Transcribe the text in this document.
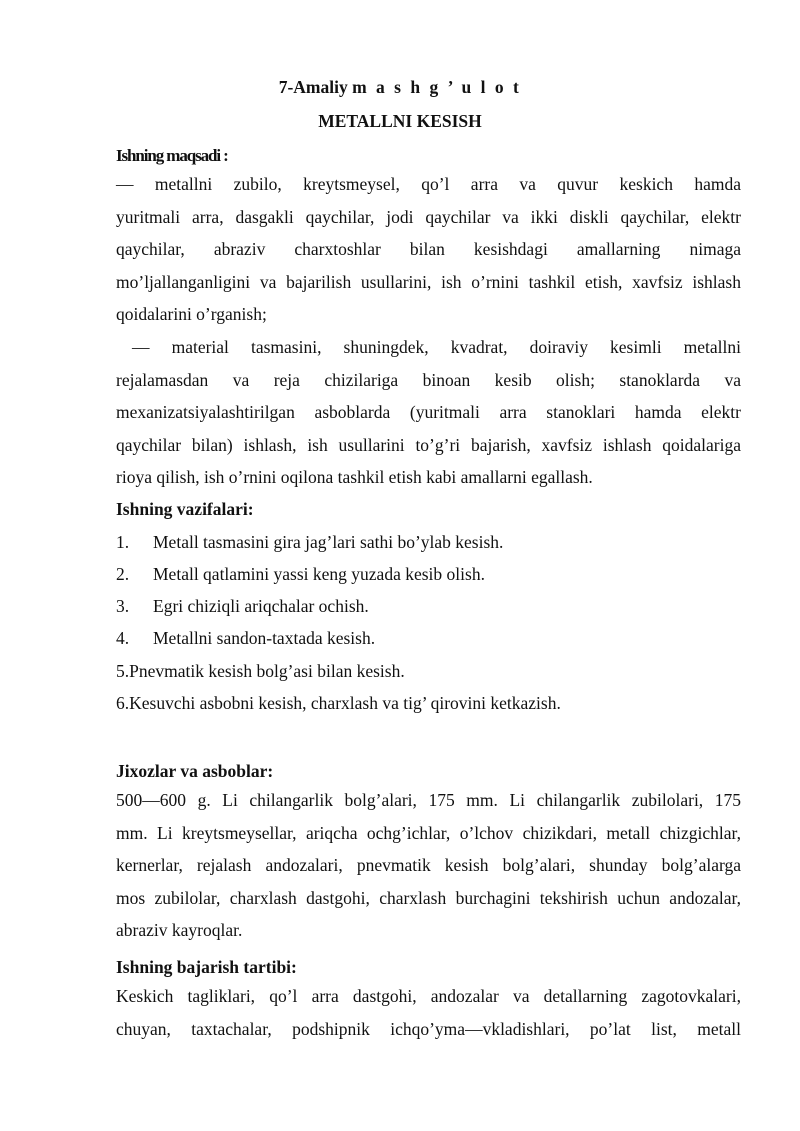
7-Amaliy m a s h g ’ u l o t
METALLNI KESISH
Ishning maqsadi :
— metallni zubilo, kreytsmeysel, qo’l arra va quvur keskich hamda
yuritmali arra, dasgakli qaychilar, jodi qaychilar va ikki diskli qaychilar, elektr
qaychilar, abraziv charxtoshlar bilan kesishdagi amallarning nimaga
mo’ljallanganligini va bajarilish usullarini, ish o’rnini tashkil etish, xavfsiz ishlash
qoidalarini o’rganish;
— material tasmasini, shuningdek, kvadrat, doiraviy kesimli metallni
rejalamasdan va reja chizilariga binoan kesib olish; stanoklarda va
mexanizatsiyalashtirilgan asboblarda (yuritmali arra stanoklari hamda elektr
qaychilar bilan) ishlash, ish usullarini to’g’ri bajarish, xavfsiz ishlash qoidalariga
rioya qilish, ish o’rnini oqilona tashkil etish kabi amallarni egallash.
Ishning vazifalari:
1. Metall tasmasini gira jag’lari sathi bo’ylab kesish.
2. Metall qatlamini yassi keng yuzada kesib olish.
3. Egri chiziqli ariqchalar ochish.
4. Metallni sandon-taxtada kesish.
5.Pnevmatik kesish bolg’asi bilan kesish.
6.Kesuvchi asbobni kesish, charxlash va tig’ qirovini ketkazish.
Jixozlar va asboblar:
500—600 g. Li chilangarlik bolg’alari, 175 mm. Li chilangarlik zubilolari, 175
mm. Li kreytsmeysellar, ariqcha ochg’ichlar, o’lchov chizikdari, metall chizgichlar,
kernerlar, rejalash andozalari, pnevmatik kesish bolg’alari, shunday bolg’alarga
mos zubilolar, charxlash dastgohi, charxlash burchagini tekshirish uchun andozalar,
abraziv kayroqlar.
Ishning bajarish tartibi:
Keskich tagliklari, qo’l arra dastgohi, andozalar va detallarning zagotovkalari,
chuyan, taxtachalar, podshipnik ichqo’yma—vkladishlari, po’lat list, metall
